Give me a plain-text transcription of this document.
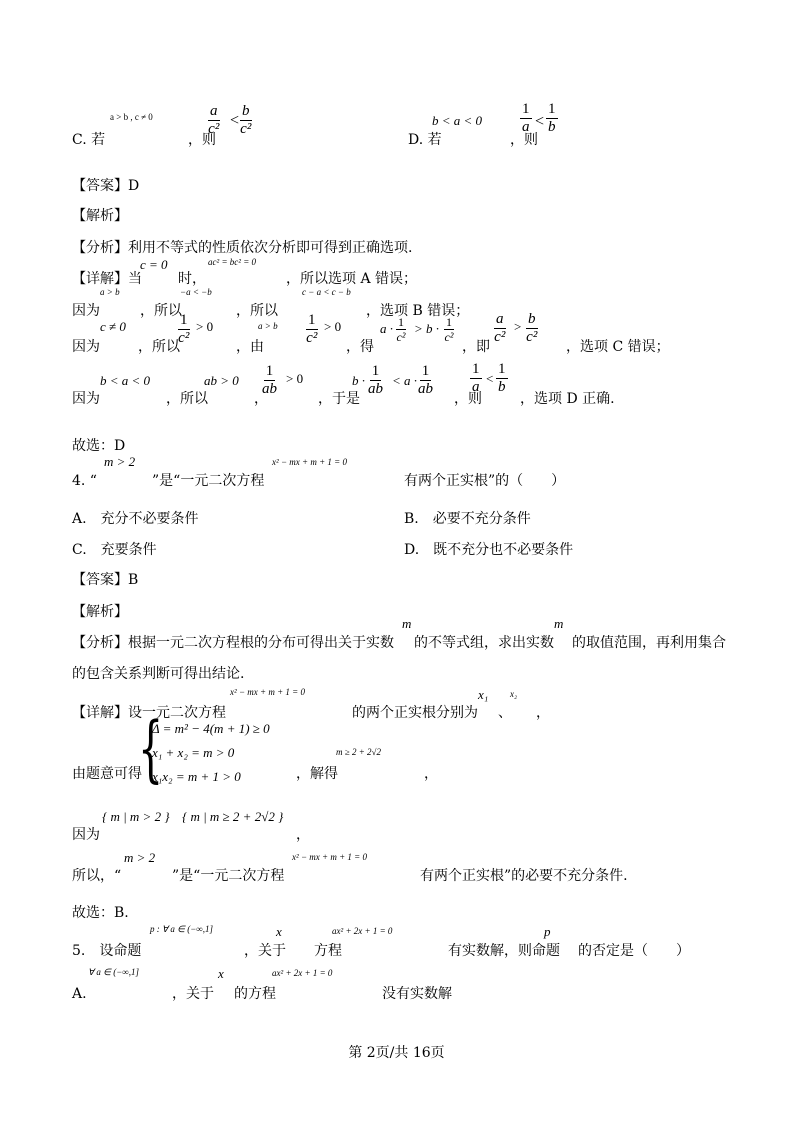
a > b , c ≠ 0	$\frac{a}{\text{c²}} < \frac{b}{\text{c²}}$
C. 若	，则
b < a < 0	$\frac{1}{a} < \frac{1}{b}$
D. 若	，则
【答案】D
【解析】
【分析】利用不等式的性质依次分析即可得到正确选项.
c = 0	ac² = bc² = 0
【详解】当	时，	，所以选项 A 错误；
a > b	−a < −b	c − a < c − b
因为	，所以	，所以	，选项 B 错误；
c ≠ 0	$\frac{1}{\text{c²}} > 0$	a > b $\frac{1}{\text{c²}} > 0$	$a \cdot \frac{1}{\text{c²}} > b \cdot \frac{1}{\text{c²}}$	$\frac{a}{\text{c²}} > \frac{b}{\text{c²}}$
因为	，所以	，由	，得	，即	，选项 C 错误；
b < a < 0	ab > $0 \frac{1}{ab} > 0$	$b \cdot \frac{1}{ab} < a \cdot \frac{1}{ab} \frac{1}{a} < \frac{1}{b}$
因为	，所以	，	，于是	，则	，选项 D 正确.
故选：D
m > 2	x² − mx + m + 1 = 0
4. “	”是“一元二次方程	有两个正实根”的（　　）
A.　充分不必要条件	B.　必要不充分条件
C.　充要条件	D.　既不充分也不必要条件
【答案】B
【解析】
m	m
【分析】根据一元二次方程根的分布可得出关于实数 的不等式组，求出实数 的取值范围，再利用集合
的包含关系判断可得出结论.
x² − mx + m + 1 = 0	x₁ x₂
【详解】设一元二次方程	的两个正实根分别为 、 ，
{
Δ = m² − 4(m + 1) ≥ 0
x₁ + x₂ = m > 0
x₁x₂ = m + 1 > 0
由题意可得	，解得
m ≥ 2 + 2√2
，
{ m | m > 2 } { m | m ≥ 2 + 2√2 }
，
因为
m > 2	x² − mx + m + 1 = 0
所以，“	”是“一元二次方程	有两个正实根”的必要不充分条件.
故选：B.
p : ∀ a ∈ (−∞,1]	x	ax² + 2x + 1 = 0	p
5.　设命题	，关于 方程	有实数解，则命题 的否定是（　　）
∀ a ∈ (−∞,1]	x	ax² + 2x + 1 = 0
A.	，关于 的方程	没有实数解
第 2页/共 16页
